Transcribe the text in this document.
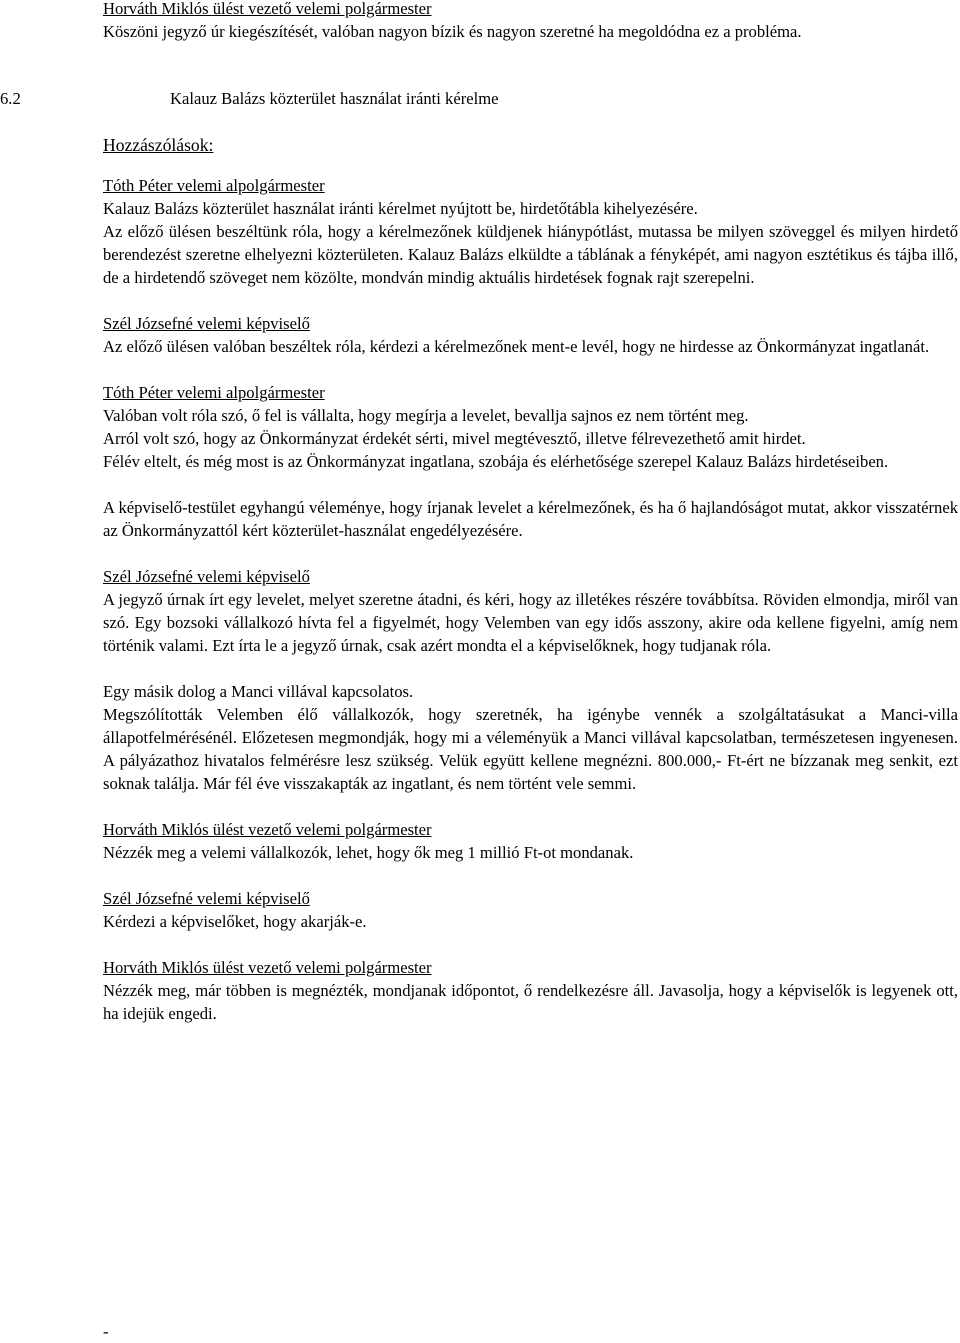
Horváth Miklós ülést vezető velemi polgármester

Köszöni jegyző úr kiegészítését, valóban nagyon bízik és nagyon szeretné ha megoldódna ez a probléma.

6.2	Kalauz Balázs közterület használat iránti kérelme
Hozzászólások:
Tóth Péter velemi alpolgármester

Kalauz Balázs közterület használat iránti kérelmet nyújtott be, hirdetőtábla kihelyezésére.

Az előző ülésen beszéltünk róla, hogy a kérelmezőnek küldjenek hiánypótlást, mutassa be milyen szöveggel és milyen hirdető berendezést szeretne elhelyezni közterületen. Kalauz Balázs elküldte a táblának a fényképét, ami nagyon esztétikus és tájba illő, de a hirdetendő szöveget nem közölte, mondván mindig aktuális hirdetések fognak rajt szerepelni.

Szél Józsefné velemi képviselő

Az előző ülésen valóban beszéltek róla, kérdezi a kérelmezőnek ment-e levél, hogy ne hirdesse az Önkormányzat ingatlanát.

Tóth Péter velemi alpolgármester

Valóban volt róla szó, ő fel is vállalta, hogy megírja a levelet, bevallja sajnos ez nem történt meg.

Arról volt szó, hogy az Önkormányzat érdekét sérti, mivel megtévesztő, illetve félrevezethető amit hirdet.

Félév eltelt, és még most is az Önkormányzat ingatlana, szobája és elérhetősége szerepel Kalauz Balázs hirdetéseiben.

A képviselő-testület egyhangú véleménye, hogy írjanak levelet a kérelmezőnek, és ha ő hajlandóságot mutat, akkor visszatérnek az Önkormányzattól kért közterület-használat engedélyezésére.

Szél Józsefné velemi képviselő

A jegyző úrnak írt egy levelet, melyet szeretne átadni, és kéri, hogy az illetékes részére továbbítsa. Röviden elmondja, miről van szó. Egy bozsoki vállalkozó hívta fel a figyelmét, hogy Velemben van egy idős asszony, akire oda kellene figyelni, amíg nem történik valami. Ezt írta le a jegyző úrnak, csak azért mondta el a képviselőknek, hogy tudjanak róla.

Egy másik dolog a Manci villával kapcsolatos.

Megszólították Velemben élő vállalkozók, hogy szeretnék, ha igénybe vennék a szolgáltatásukat a Manci-villa állapotfelmérésénél. Előzetesen megmondják, hogy mi a véleményük a Manci villával kapcsolatban, természetesen ingyenesen. A pályázathoz hivatalos felmérésre lesz szükség. Velük együtt kellene megnézni. 800.000,- Ft-ért ne bízzanak meg senkit, ezt soknak találja. Már fél éve visszakapták az ingatlant, és nem történt vele semmi.

Horváth Miklós ülést vezető velemi polgármester

Nézzék meg a velemi vállalkozók, lehet, hogy ők meg 1 millió Ft-ot mondanak.

Szél Józsefné velemi képviselő

Kérdezi a képviselőket, hogy akarják-e.

Horváth Miklós ülést vezető velemi polgármester

Nézzék meg, már többen is megnézték, mondjanak időpontot, ő rendelkezésre áll. Javasolja, hogy a képviselők is legyenek ott, ha idejük engedi.

-
